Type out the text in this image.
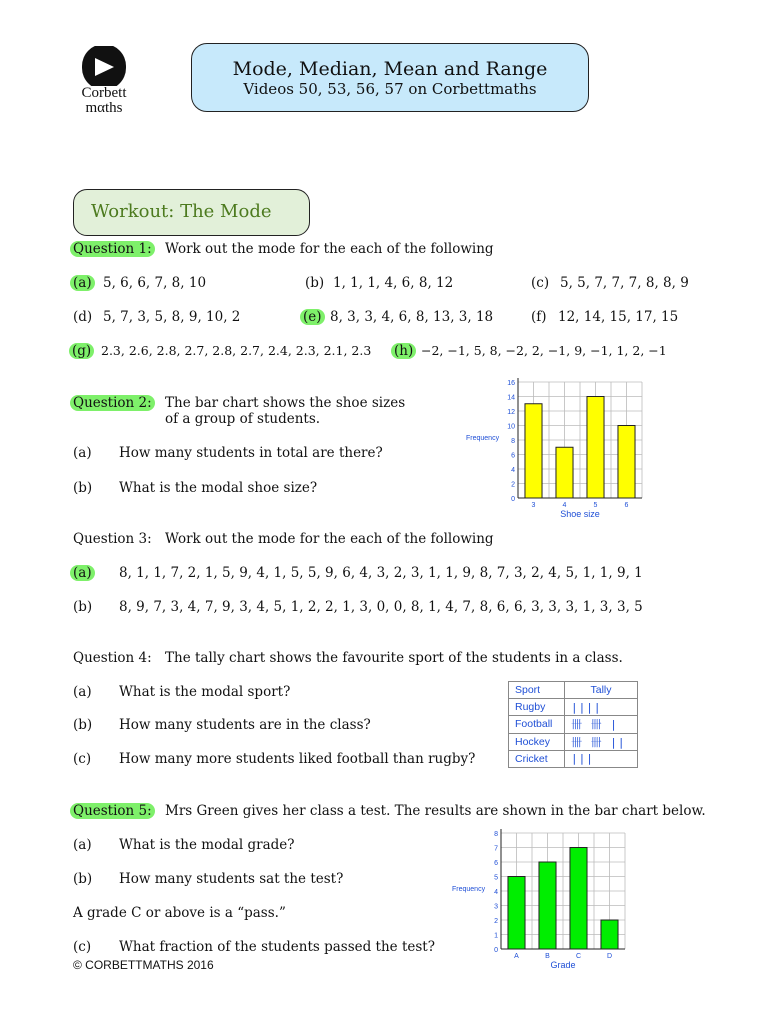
Corbett
mαths
Mode, Median, Mean and Range
Videos 50, 53, 56, 57 on Corbettmaths
Workout: The Mode
Question 1: Work out the mode for the each of the following
(a) 5, 6, 6, 7, 8, 10	(b) 1, 1, 1, 4, 6, 8, 12	(c) 5, 5, 7, 7, 7, 8, 8, 9
(d) 5, 7, 3, 5, 8, 9, 10, 2	(e) 8, 3, 3, 4, 6, 8, 13, 3, 18	(f) 12, 14, 15, 17, 15
(g) 2.3, 2.6, 2.8, 2.7, 2.8, 2.7, 2.4, 2.3, 2.1, 2.3 (h) −2, −1, 5, 8, −2, 2, −1, 9, −1, 1, 2, −1
Question 2: The bar chart shows the shoe sizes
of a group of students.
(a) How many students in total are there?
(b) What is the modal shoe size?
0
2
4
6
8
10
12
14
16
3	4	5	6
Shoe size
Frequency
Question 3: Work out the mode for the each of the following
(a) 8, 1, 1, 7, 2, 1, 5, 9, 4, 1, 5, 5, 9, 6, 4, 3, 2, 3, 1, 1, 9, 8, 7, 3, 2, 4, 5, 1, 1, 9, 1
(b) 8, 9, 7, 3, 4, 7, 9, 3, 4, 5, 1, 2, 2, 1, 3, 0, 0, 8, 1, 4, 7, 8, 6, 6, 3, 3, 3, 1, 3, 3, 5
Question 4: The tally chart shows the favourite sport of the students in a class.
(a) What is the modal sport?
(b) How many students are in the class?
(c) How many more students liked football than rugby?
Sport	Tally
Rugby	||||
Football	卌 卌 |
Hockey	卌 卌 ||
Cricket	|||
Question 5: Mrs Green gives her class a test. The results are shown in the bar chart below.
(a) What is the modal grade?
(b) How many students sat the test?
A grade C or above is a “pass.”
(c) What fraction of the students passed the test?	0
1
2
3
4
5
6
7
8
A	B	C	D
Grade
Frequency
© CORBETTMATHS 2016
